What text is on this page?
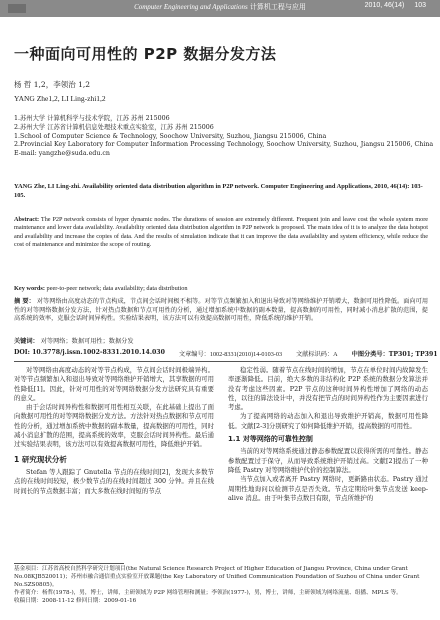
Computer Engineering and Applications 计算机工程与应用	2010, 46(14) 103
一种面向可用性的 P2P 数据分发方法
杨 哲 1,2，李领治 1,2
YANG Zhe1,2, LI Ling-zhi1,2
1.苏州大学 计算机科学与技术学院，江苏 苏州 215006
2.苏州大学 江苏省计算机信息处理技术重点实验室，江苏 苏州 215006
1.School of Computer Science & Technology, Soochow University, Suzhou, Jiangsu 215006, China
2.Provincial Key Laboratory for Computer Information Processing Technology, Soochow University, Suzhou, Jiangsu 215006, China
E-mail: yangzhe@suda.edu.cn
YANG Zhe, LI Ling-zhi. Availability oriented data distribution algorithm in P2P network. Computer Engineering and Applications, 2010, 46(14): 103-105.
Abstract: The P2P network consists of hyper dynamic nodes. The durations of session are extremely different. Frequent join and leave cost the whole system more maintenance and lower data availability. Availability oriented data distribution algorithm in P2P network is proposed. The main idea of it is to analyze the data hotspot and availability and increase the copies of data. And the results of simulation indicate that it can improve the data availability and system efficiency, while reduce the cost of maintenance and minimize the scope of routing.
Key words: peer-to-peer network; data availability; data distribution
摘 要： 对等网络由高度动态的节点构成，节点间会话时间极不相等。对等节点频繁加入和退出导致对等网络维护开销增大，数据可用性降低。面向可用性的对等网络数据分发方法，针对热点数据和节点可用性的分析，通过增加系统中数据的副本数量，提高数据的可用性，同时减小消息扩散的范围，提高系统的效率，克服会话时间异构性。实验结果表明，该方法可以有效提高数据可用性，降低系统的维护开销。
关键词： 对等网络；数据可用性；数据分发
DOI: 10.3778/j.issn.1002-8331.2010.14.030 文章编号：1002-8331(2010)14-0103-03 文献标识码：A 中图分类号：TP301; TP391

对等网络由高度动态的对等节点构成，节点间会话时间极端异构。对等节点频繁加入和退出导致对等网络维护开销增大，其享数据的可用性降低[1]。因此，针对可用性的对等网络数据分发方法研究具有重要的意义。

由于会话时间异构性和数据可用性相互关联，在此基础上提出了面向数据可用性的对等网络数据分发方法。方法针对热点数据和节点可用性的分析，通过增加系统中数据的副本数量，提高数据的可用性，同时减小消息扩散的范围，提高系统的效率，克服会话时间异构性。最后通过实验结果表明，该方法可以有效提高数据可用性，降低维护开销。

1 研究现状分析

Stefan 等人跟踪了 Gnutella 节点的在线时间[2]，发现大多数节点的在线时间较短，极少数节点的在线时间超过 300 分钟。并且在线时间长的节点数据丰富；而大多数在线时间短的节点

稳定性弱。随着节点在线时间的增加，节点在单位时间内故障发生率逐渐降低。目前，绝大多数的非结构化 P2P 系统的数据分发算法并没有考虑这些因素。P2P 节点的这种时间异构性增加了网络的动态性，以往的算法设计中，并没有把节点的时间异构性作为主要因素进行考虑。

为了提高网络的动态加入和退出导致维护开销高，数据可用性降低。文献[2-3]分别研究了如何降低维护开销，提高数据的可用性。

1.1 对等网络的可靠性控制

当前的对等网络系统通过静态参数配置以获得所需的可靠性。静态参数配置过于保守，从而导致系统维护开销过高。文献[2]提出了一种降低 Pastry 对等网络维护代价的控制算法。

当节点加入或者离开 Pastry 网络时，更新路由状态。Pastry 通过周期性地询问以检测节点是否失效。节点定期给叶集节点发送 keep-alive 消息。由于叶集节点数目有限，节点所维护的

基金项目：江苏省高校自然科学研究计划项目(the Natural Science Research Project of Higher Education of Jiangsu Province, China under Grant No.08KJB520011)；苏州市融合通信重点实验室开放课题(the Key Laboratory of Unified Communication Foundation of Suzhou of China under Grant No.SZS0805)。
作者简介：杨哲(1978-)，男，博士，讲师，主研领域为 P2P 网络管理和测量；李领治(1977-)，男，博士，讲师，主研领域为网络流量、组播、MPLS 等。
收稿日期：2008-11-12 修回日期：2009-01-16
